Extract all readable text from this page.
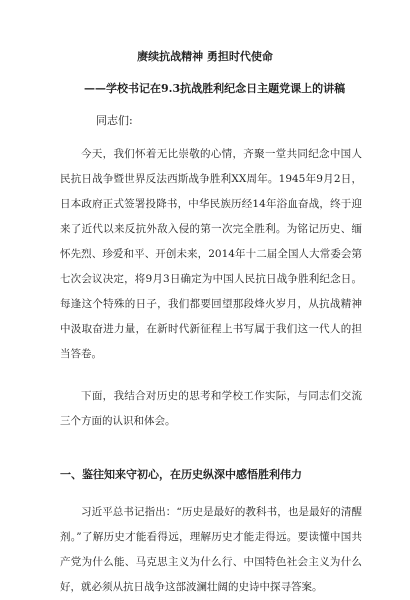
赓续抗战精神 勇担时代使命
——学校书记在9.3抗战胜利纪念日主题党课上的讲稿
同志们:

今天，我们怀着无比崇敬的心情，齐聚一堂共同纪念中国人民抗日战争暨世界反法西斯战争胜利XX周年。1945年9月2日，日本政府正式签署投降书，中华民族历经14年浴血奋战，终于迎来了近代以来反抗外敌入侵的第一次完全胜利。为铭记历史、缅怀先烈、珍爱和平、开创未来，2014年十二届全国人大常委会第七次会议决定，将9月3日确定为中国人民抗日战争胜利纪念日。每逢这个特殊的日子，我们都要回望那段烽火岁月，从抗战精神中汲取奋进力量，在新时代新征程上书写属于我们这一代人的担当答卷。

下面，我结合对历史的思考和学校工作实际，与同志们交流三个方面的认识和体会。

一、鉴往知来守初心，在历史纵深中感悟胜利伟力

习近平总书记指出：“历史是最好的教科书，也是最好的清醒剂。”了解历史才能看得远，理解历史才能走得远。要读懂中国共产党为什么能、马克思主义为什么行、中国特色社会主义为什么好，就必须从抗日战争这部波澜壮阔的史诗中探寻答案。
